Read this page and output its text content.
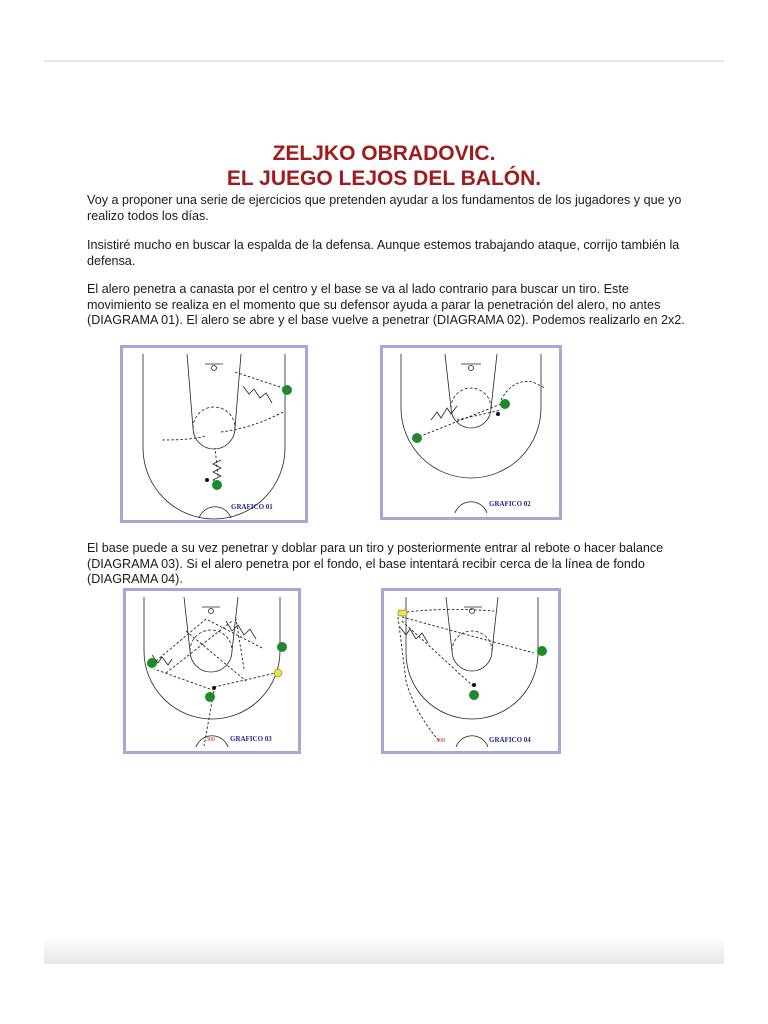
ZELJKO OBRADOVIC.
EL JUEGO LEJOS DEL BALÓN.

Voy a proponer una serie de ejercicios que pretenden ayudar a los fundamentos de los jugadores y que yo realizo todos los días.

Insistiré mucho en buscar la espalda de la defensa. Aunque estemos trabajando ataque, corrijo también la defensa.

El alero penetra a canasta por el centro y el base se va al lado contrario para buscar un tiro. Este movimiento se realiza en el momento que su defensor ayuda a parar la penetración del alero, no antes (DIAGRAMA 01). El alero se abre y el base vuelve a penetrar (DIAGRAMA 02). Podemos realizarlo en 2x2.

GRAFICO 01

El base puede a su vez penetrar y doblar para un tiro y posteriormente entrar al rebote o hacer balance (DIAGRAMA 03). Si el alero penetra por el fondo, el base intentará recibir cerca de la línea de fondo (DIAGRAMA 04).

GRAFICO 02
300 GRAFICO 03	308	GRAFICO 04
